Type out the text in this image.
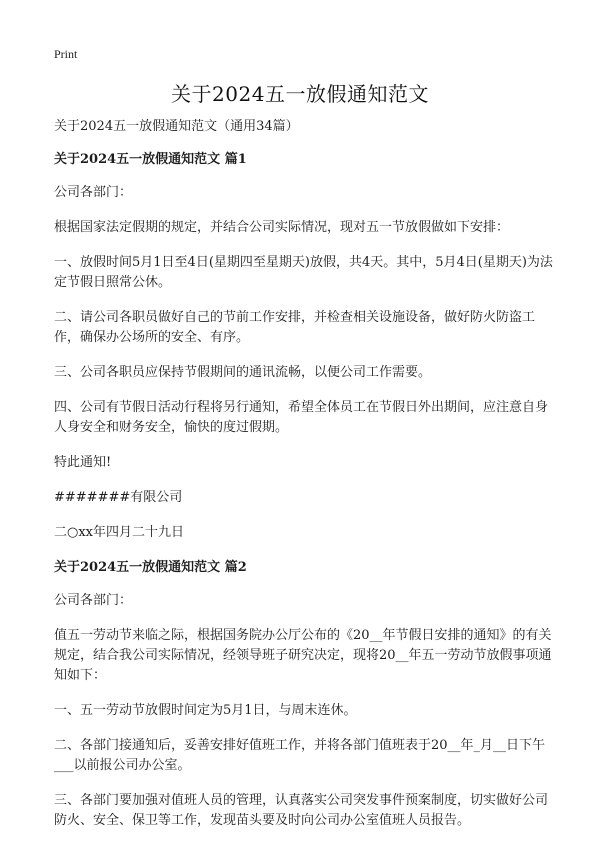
Print
关于2024五一放假通知范文

关于2024五一放假通知范文（通用34篇）

关于2024五一放假通知范文 篇1

公司各部门：

根据国家法定假期的规定，并结合公司实际情况，现对五一节放假做如下安排：

一、放假时间5月1日至4日(星期四至星期天)放假，共4天。其中，5月4日(星期天)为法定节假日照常公休。

二、请公司各职员做好自己的节前工作安排，并检查相关设施设备，做好防火防盗工作，确保办公场所的安全、有序。

三、公司各职员应保持节假期间的通讯流畅，以便公司工作需要。

四、公司有节假日活动行程将另行通知，希望全体员工在节假日外出期间，应注意自身人身安全和财务安全，愉快的度过假期。

特此通知!

#######有限公司

二○xx年四月二十九日

关于2024五一放假通知范文 篇2

公司各部门：

值五一劳动节来临之际，根据国务院办公厅公布的《20__年节假日安排的通知》的有关规定，结合我公司实际情况，经领导班子研究决定，现将20__年五一劳动节放假事项通知如下：

一、五一劳动节放假时间定为5月1日，与周末连休。

二、各部门接通知后，妥善安排好值班工作，并将各部门值班表于20__年_月__日下午___以前报公司办公室。

三、各部门要加强对值班人员的管理，认真落实公司突发事件预案制度，切实做好公司防火、安全、保卫等工作，发现苗头要及时向公司办公室值班人员报告。
